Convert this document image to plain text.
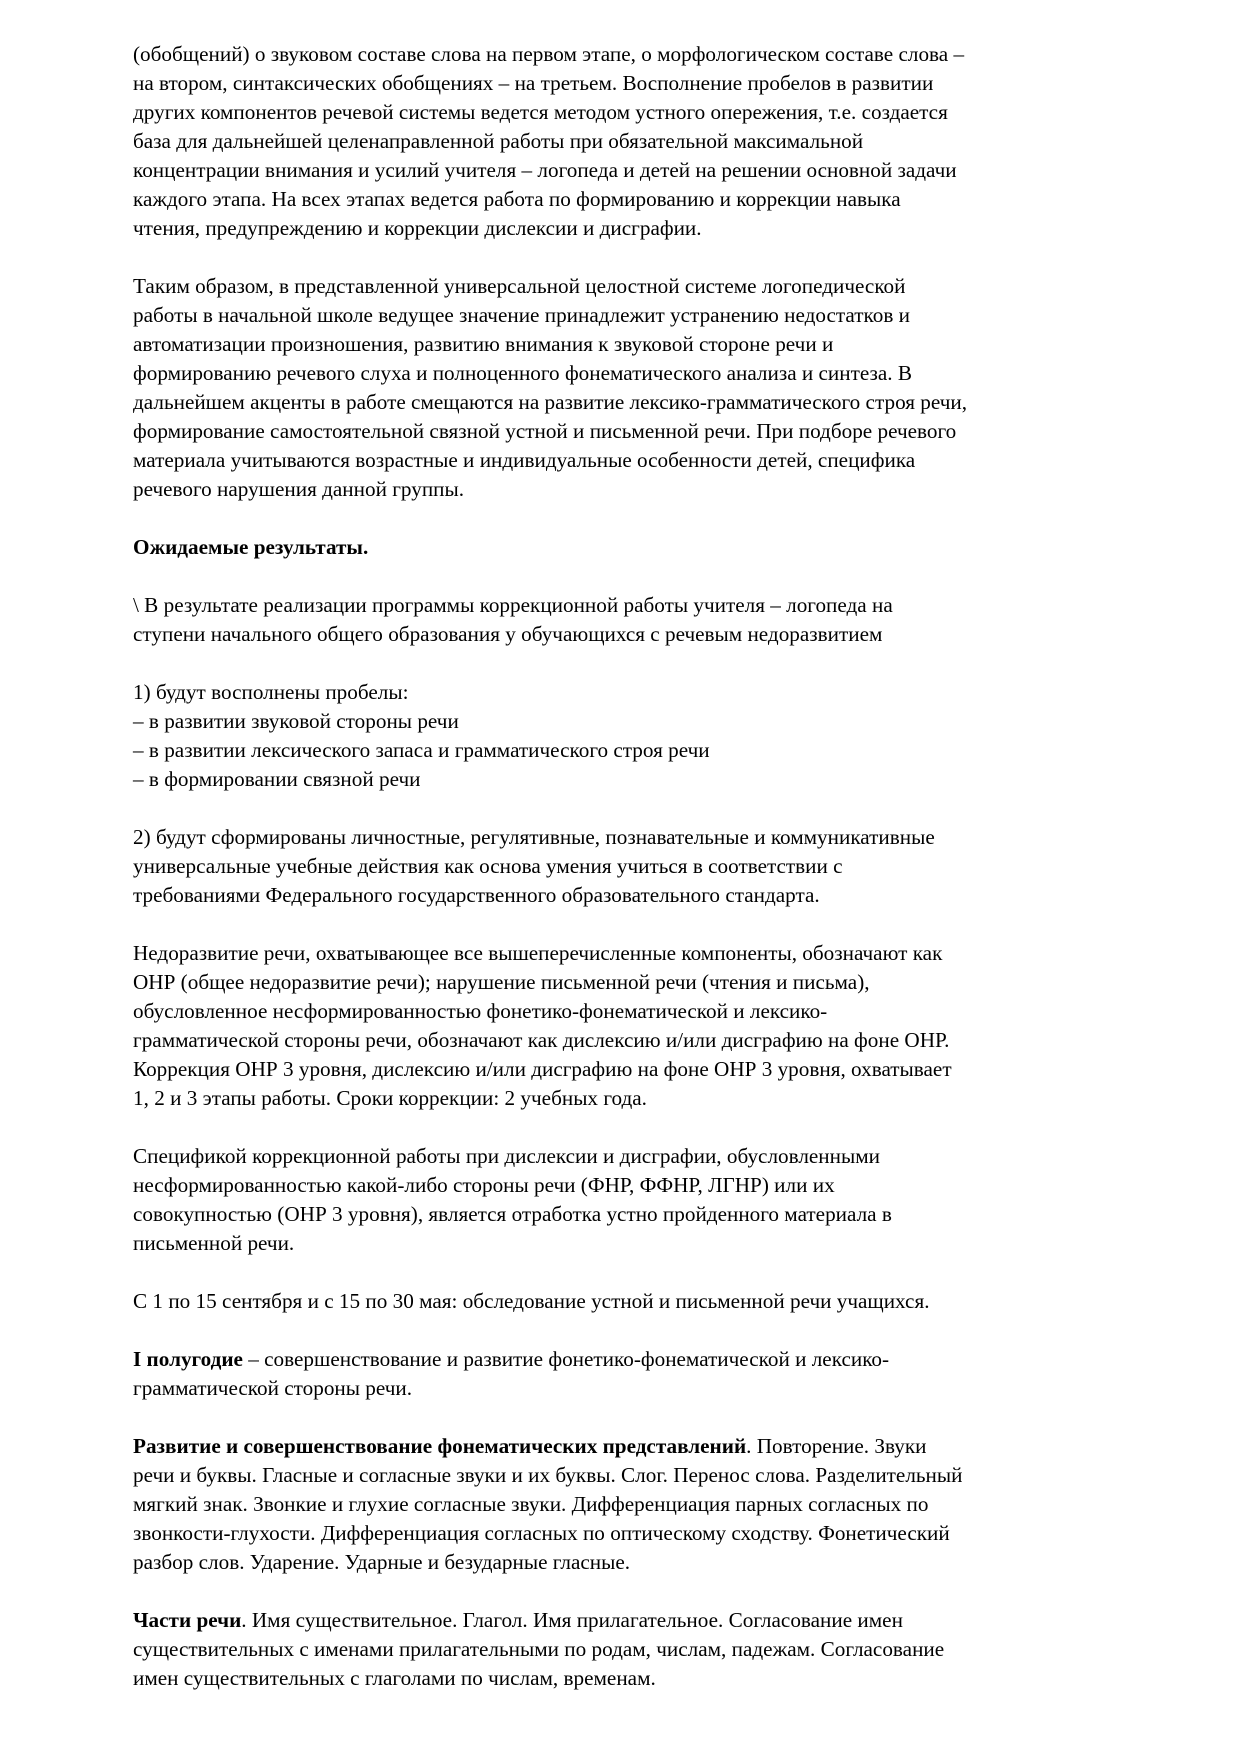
(обобщений) о звуковом составе слова на первом этапе, о морфологическом составе слова –
на втором, синтаксических обобщениях – на третьем. Восполнение пробелов в развитии
других компонентов речевой системы ведется методом устного опережения, т.е. создается
база для дальнейшей целенаправленной работы при обязательной максимальной
концентрации внимания и усилий учителя – логопеда и детей на решении основной задачи
каждого этапа. На всех этапах ведется работа по формированию и коррекции навыка
чтения, предупреждению и коррекции дислексии и дисграфии.

Таким образом, в представленной универсальной целостной системе логопедической
работы в начальной школе ведущее значение принадлежит устранению недостатков и
автоматизации произношения, развитию внимания к звуковой стороне речи и
формированию речевого слуха и полноценного фонематического анализа и синтеза. В
дальнейшем акценты в работе смещаются на развитие лексико-грамматического строя речи,
формирование самостоятельной связной устной и письменной речи. При подборе речевого
материала учитываются возрастные и индивидуальные особенности детей, специфика
речевого нарушения данной группы.

Ожидаемые результаты.

\ В результате реализации программы коррекционной работы учителя – логопеда на
ступени начального общего образования у обучающихся с речевым недоразвитием

1) будут восполнены пробелы:
– в развитии звуковой стороны речи
– в развитии лексического запаса и грамматического строя речи
– в формировании связной речи

2) будут сформированы личностные, регулятивные, познавательные и коммуникативные
универсальные учебные действия как основа умения учиться в соответствии с
требованиями Федерального государственного образовательного стандарта.

Недоразвитие речи, охватывающее все вышеперечисленные компоненты, обозначают как
ОНР (общее недоразвитие речи); нарушение письменной речи (чтения и письма),
обусловленное несформированностью фонетико-фонематической и лексико-
грамматической стороны речи, обозначают как дислексию и/или дисграфию на фоне ОНР.
Коррекция ОНР 3 уровня, дислексию и/или дисграфию на фоне ОНР 3 уровня, охватывает
1, 2 и 3 этапы работы. Сроки коррекции: 2 учебных года.

Спецификой коррекционной работы при дислексии и дисграфии, обусловленными
несформированностью какой-либо стороны речи (ФНР, ФФНР, ЛГНР) или их
совокупностью (ОНР 3 уровня), является отработка устно пройденного материала в
письменной речи.

С 1 по 15 сентября и с 15 по 30 мая: обследование устной и письменной речи учащихся.

I полугодие – совершенствование и развитие фонетико-фонематической и лексико-
грамматической стороны речи.

Развитие и совершенствование фонематических представлений. Повторение. Звуки
речи и буквы. Гласные и согласные звуки и их буквы. Слог. Перенос слова. Разделительный
мягкий знак. Звонкие и глухие согласные звуки. Дифференциация парных согласных по
звонкости-глухости. Дифференциация согласных по оптическому сходству. Фонетический
разбор слов. Ударение. Ударные и безударные гласные.

Части речи. Имя существительное. Глагол. Имя прилагательное. Согласование имен
существительных с именами прилагательными по родам, числам, падежам. Согласование
имен существительных с глаголами по числам, временам.
